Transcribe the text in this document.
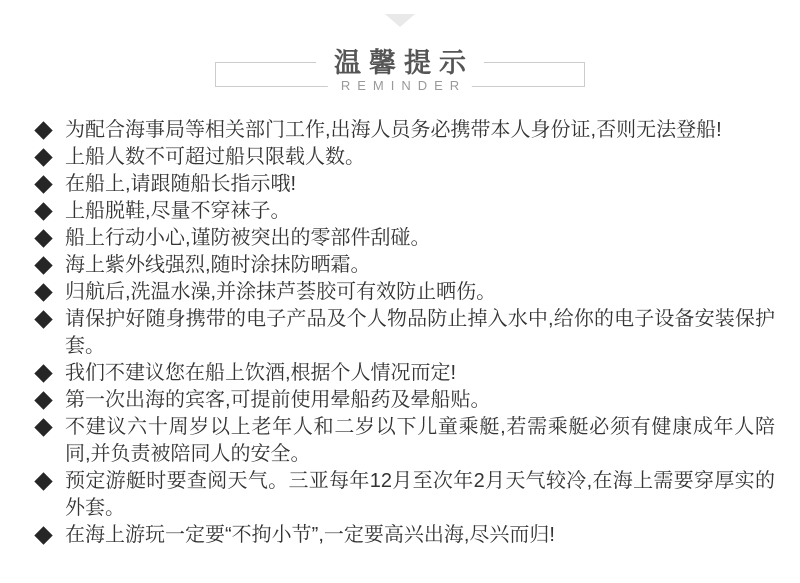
温馨提示
REMINDER
为配合海事局等相关部门工作,出海人员务必携带本人身份证,否则无法登船!
上船人数不可超过船只限载人数。
在船上,请跟随船长指示哦!
上船脱鞋,尽量不穿袜子。
船上行动小心,谨防被突出的零部件刮碰。
海上紫外线强烈,随时涂抹防晒霜。
归航后,洗温水澡,并涂抹芦荟胶可有效防止晒伤。
请保护好随身携带的电子产品及个人物品防止掉入水中,给你的电子设备安装保护套。
我们不建议您在船上饮酒,根据个人情况而定!
第一次出海的宾客,可提前使用晕船药及晕船贴。
不建议六十周岁以上老年人和二岁以下儿童乘艇,若需乘艇必须有健康成年人陪同,并负责被陪同人的安全。
预定游艇时要查阅天气。三亚每年12月至次年2月天气较冷,在海上需要穿厚实的外套。
在海上游玩一定要“不拘小节”,一定要高兴出海,尽兴而归!
